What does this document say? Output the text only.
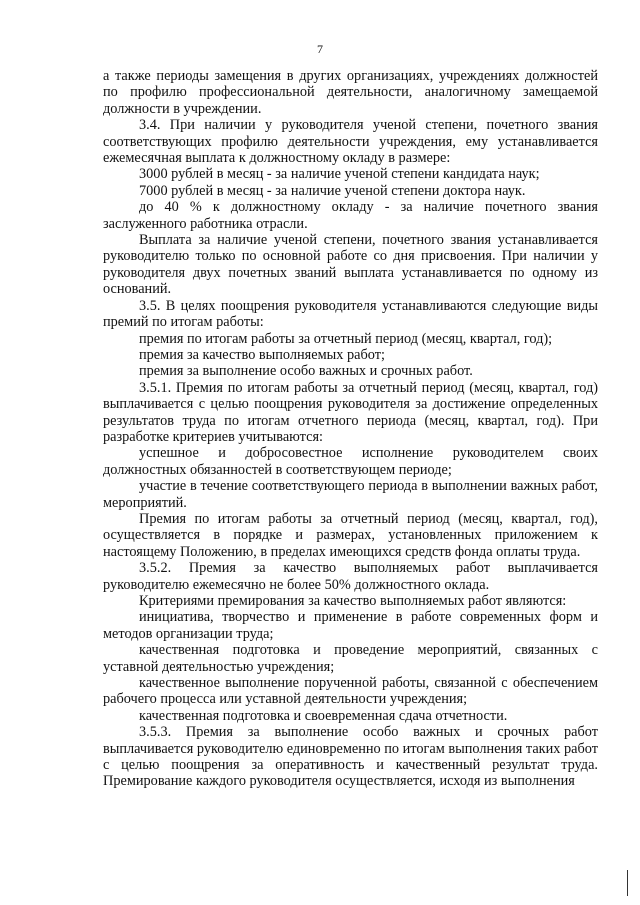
7

а также периоды замещения в других организациях, учреждениях должностей по профилю профессиональной деятельности, аналогичному замещаемой должности в учреждении.

3.4. При наличии у руководителя ученой степени, почетного звания соответствующих профилю деятельности учреждения, ему устанавливается ежемесячная выплата к должностному окладу в размере:

3000 рублей в месяц - за наличие ученой степени кандидата наук;

7000 рублей в месяц - за наличие ученой степени доктора наук.

до 40 % к должностному окладу - за наличие почетного звания заслуженного работника отрасли.

Выплата за наличие ученой степени, почетного звания устанавливается руководителю только по основной работе со дня присвоения. При наличии у руководителя двух почетных званий выплата устанавливается по одному из оснований.

3.5. В целях поощрения руководителя устанавливаются следующие виды премий по итогам работы:

премия по итогам работы за отчетный период (месяц, квартал, год);

премия за качество выполняемых работ;

премия за выполнение особо важных и срочных работ.

3.5.1. Премия по итогам работы за отчетный период (месяц, квартал, год) выплачивается с целью поощрения руководителя за достижение определенных результатов труда по итогам отчетного периода (месяц, квартал, год). При разработке критериев учитываются:

успешное и добросовестное исполнение руководителем своих должностных обязанностей в соответствующем периоде;

участие в течение соответствующего периода в выполнении важных работ, мероприятий.

Премия по итогам работы за отчетный период (месяц, квартал, год), осуществляется в порядке и размерах, установленных приложением к настоящему Положению, в пределах имеющихся средств фонда оплаты труда.

3.5.2. Премия за качество выполняемых работ выплачивается руководителю ежемесячно не более 50% должностного оклада.

Критериями премирования за качество выполняемых работ являются:

инициатива, творчество и применение в работе современных форм и методов организации труда;

качественная подготовка и проведение мероприятий, связанных с уставной деятельностью учреждения;

качественное выполнение порученной работы, связанной с обеспечением рабочего процесса или уставной деятельности учреждения;

качественная подготовка и своевременная сдача отчетности.

3.5.3. Премия за выполнение особо важных и срочных работ выплачивается руководителю единовременно по итогам выполнения таких работ с целью поощрения за оперативность и качественный результат труда. Премирование каждого руководителя осуществляется, исходя из выполнения
